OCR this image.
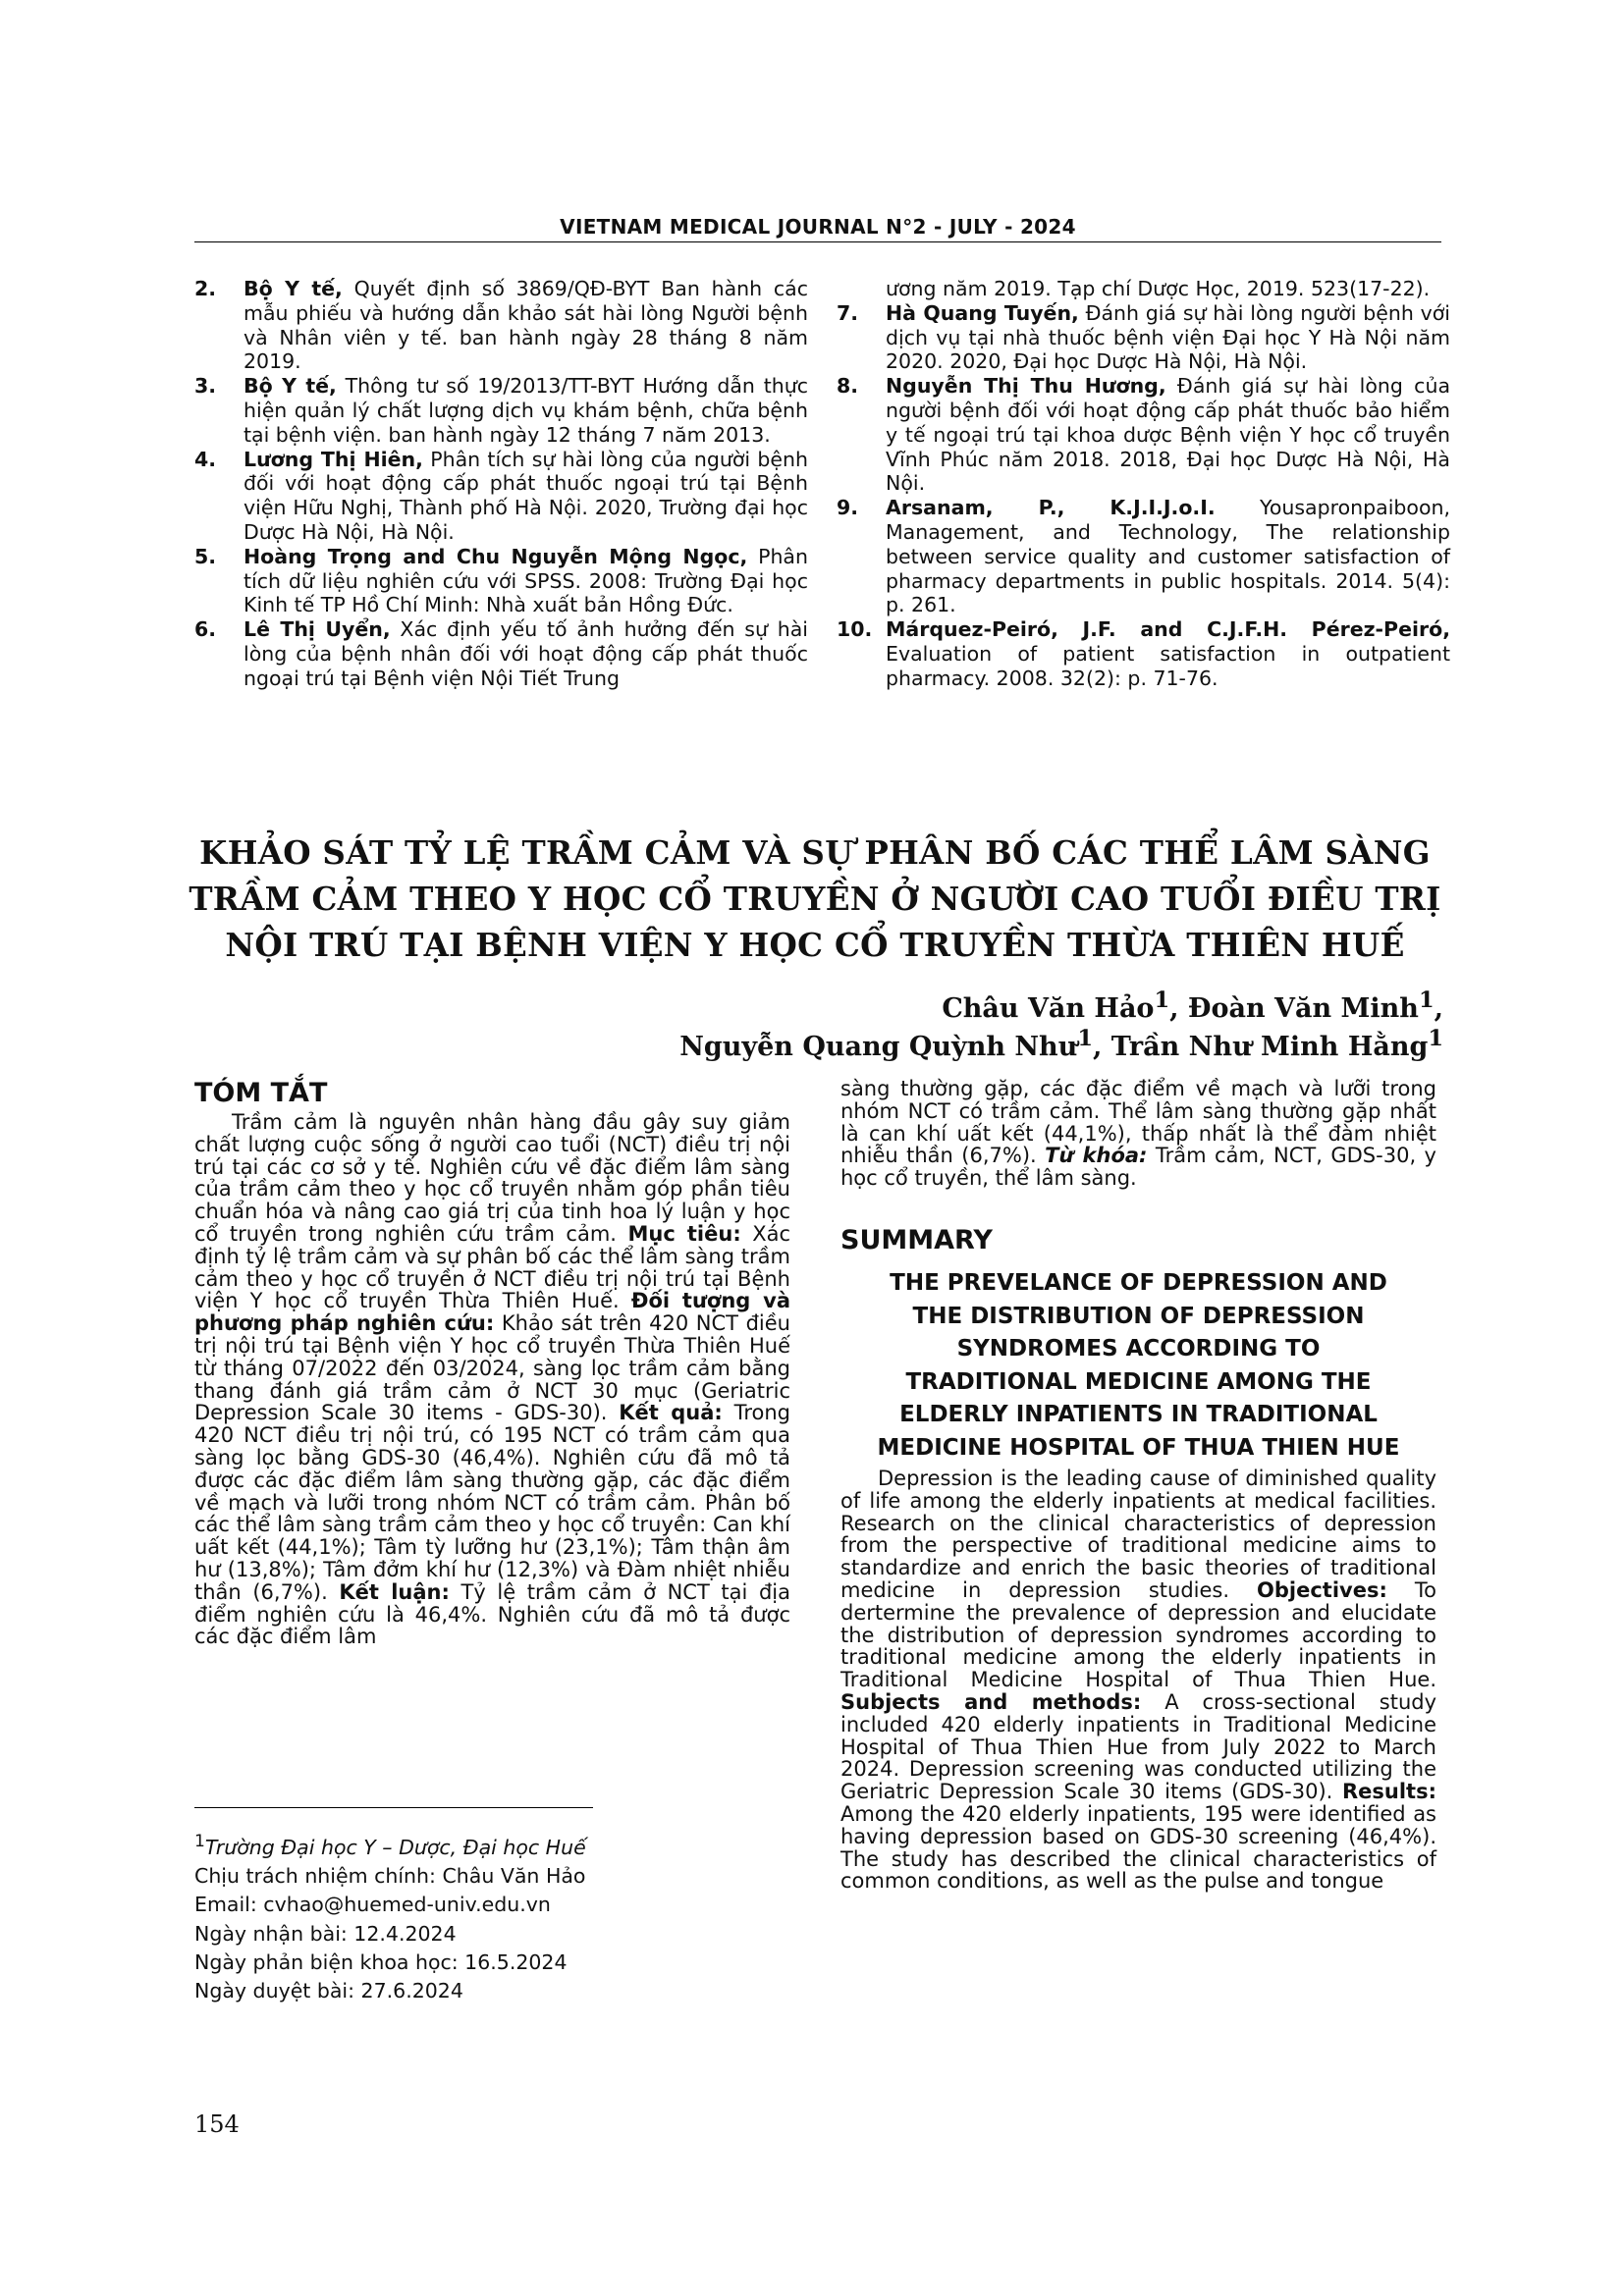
VIETNAM MEDICAL JOURNAL N°2 - JULY - 2024
2.	Bộ Y tế, Quyết định số 3869/QĐ-BYT Ban hành các mẫu phiếu và hướng dẫn khảo sát hài lòng Người bệnh và Nhân viên y tế. ban hành ngày 28 tháng 8 năm 2019.
3.	Bộ Y tế, Thông tư số 19/2013/TT-BYT Hướng dẫn thực hiện quản lý chất lượng dịch vụ khám bệnh, chữa bệnh tại bệnh viện. ban hành ngày 12 tháng 7 năm 2013.
4.	Lương Thị Hiên, Phân tích sự hài lòng của người bệnh đối với hoạt động cấp phát thuốc ngoại trú tại Bệnh viện Hữu Nghị, Thành phố Hà Nội. 2020, Trường đại học Dược Hà Nội, Hà Nội.
5.	Hoàng Trọng and Chu Nguyễn Mộng Ngọc, Phân tích dữ liệu nghiên cứu với SPSS. 2008: Trường Đại học Kinh tế TP Hồ Chí Minh: Nhà xuất bản Hồng Đức.
6.	Lê Thị Uyển, Xác định yếu tố ảnh hưởng đến sự hài lòng của bệnh nhân đối với hoạt động cấp phát thuốc ngoại trú tại Bệnh viện Nội Tiết Trung
ương năm 2019. Tạp chí Dược Học, 2019. 523(17-22).
7.	Hà Quang Tuyến, Đánh giá sự hài lòng người bệnh với dịch vụ tại nhà thuốc bệnh viện Đại học Y Hà Nội năm 2020. 2020, Đại học Dược Hà Nội, Hà Nội.
8.	Nguyễn Thị Thu Hương, Đánh giá sự hài lòng của người bệnh đối với hoạt động cấp phát thuốc bảo hiểm y tế ngoại trú tại khoa dược Bệnh viện Y học cổ truyền Vĩnh Phúc năm 2018. 2018, Đại học Dược Hà Nội, Hà Nội.
9.	Arsanam, P., K.J.I.J.o.I. Yousapronpaiboon, Management, and Technology, The relationship between service quality and customer satisfaction of pharmacy departments in public hospitals. 2014. 5(4): p. 261.
10. Márquez-Peiró, J.F. and C.J.F.H. Pérez-Peiró, Evaluation of patient satisfaction in outpatient pharmacy. 2008. 32(2): p. 71-76.
KHẢO SÁT TỶ LỆ TRẦM CẢM VÀ SỰ PHÂN BỐ CÁC THỂ LÂM SÀNG
TRẦM CẢM THEO Y HỌC CỔ TRUYỀN Ở NGƯỜI CAO TUỔI ĐIỀU TRỊ
NỘI TRÚ TẠI BỆNH VIỆN Y HỌC CỔ TRUYỀN THỪA THIÊN HUẾ
Châu Văn Hảo$^1$, Đoàn Văn Minh$^1$,
Nguyễn Quang Quỳnh Như$^1$, Trần Như Minh Hằng$^1$
TÓM TẮT

Trầm cảm là nguyên nhân hàng đầu gây suy giảm chất lượng cuộc sống ở người cao tuổi (NCT) điều trị nội trú tại các cơ sở y tế. Nghiên cứu về đặc điểm lâm sàng của trầm cảm theo y học cổ truyền nhằm góp phần tiêu chuẩn hóa và nâng cao giá trị của tinh hoa lý luận y học cổ truyền trong nghiên cứu trầm cảm. Mục tiêu: Xác định tỷ lệ trầm cảm và sự phân bố các thể lâm sàng trầm cảm theo y học cổ truyền ở NCT điều trị nội trú tại Bệnh viện Y học cổ truyền Thừa Thiên Huế. Đối tượng và phương pháp nghiên cứu: Khảo sát trên 420 NCT điều trị nội trú tại Bệnh viện Y học cổ truyền Thừa Thiên Huế từ tháng 07/2022 đến 03/2024, sàng lọc trầm cảm bằng thang đánh giá trầm cảm ở NCT 30 mục (Geriatric Depression Scale 30 items - GDS-30). Kết quả: Trong 420 NCT điều trị nội trú, có 195 NCT có trầm cảm qua sàng lọc bằng GDS-30 (46,4%). Nghiên cứu đã mô tả được các đặc điểm lâm sàng thường gặp, các đặc điểm về mạch và lưỡi trong nhóm NCT có trầm cảm. Phân bố các thể lâm sàng trầm cảm theo y học cổ truyền: Can khí uất kết (44,1%); Tâm tỳ lưỡng hư (23,1%); Tâm thận âm hư (13,8%); Tâm đởm khí hư (12,3%) và Đàm nhiệt nhiễu thần (6,7%). Kết luận: Tỷ lệ trầm cảm ở NCT tại địa điểm nghiên cứu là 46,4%. Nghiên cứu đã mô tả được các đặc điểm lâm

$^1$Trường Đại học Y – Dược, Đại học Huế
Chịu trách nhiệm chính: Châu Văn Hảo
Email: cvhao@huemed-univ.edu.vn
Ngày nhận bài: 12.4.2024
Ngày phản biện khoa học: 16.5.2024
Ngày duyệt bài: 27.6.2024
sàng thường gặp, các đặc điểm về mạch và lưỡi trong nhóm NCT có trầm cảm. Thể lâm sàng thường gặp nhất là can khí uất kết (44,1%), thấp nhất là thể đàm nhiệt nhiễu thần (6,7%). Từ khóa: Trầm cảm, NCT, GDS-30, y học cổ truyền, thể lâm sàng.
SUMMARY
THE PREVELANCE OF DEPRESSION AND
THE DISTRIBUTION OF DEPRESSION
SYNDROMES ACCORDING TO
TRADITIONAL MEDICINE AMONG THE
ELDERLY INPATIENTS IN TRADITIONAL
MEDICINE HOSPITAL OF THUA THIEN HUE

Depression is the leading cause of diminished quality of life among the elderly inpatients at medical facilities. Research on the clinical characteristics of depression from the perspective of traditional medicine aims to standardize and enrich the basic theories of traditional medicine in depression studies. Objectives: To dertermine the prevalence of depression and elucidate the distribution of depression syndromes according to traditional medicine among the elderly inpatients in Traditional Medicine Hospital of Thua Thien Hue. Subjects and methods: A cross-sectional study included 420 elderly inpatients in Traditional Medicine Hospital of Thua Thien Hue from July 2022 to March 2024. Depression screening was conducted utilizing the Geriatric Depression Scale 30 items (GDS-30). Results: Among the 420 elderly inpatients, 195 were identified as having depression based on GDS-30 screening (46,4%). The study has described the clinical characteristics of common conditions, as well as the pulse and tongue

154
